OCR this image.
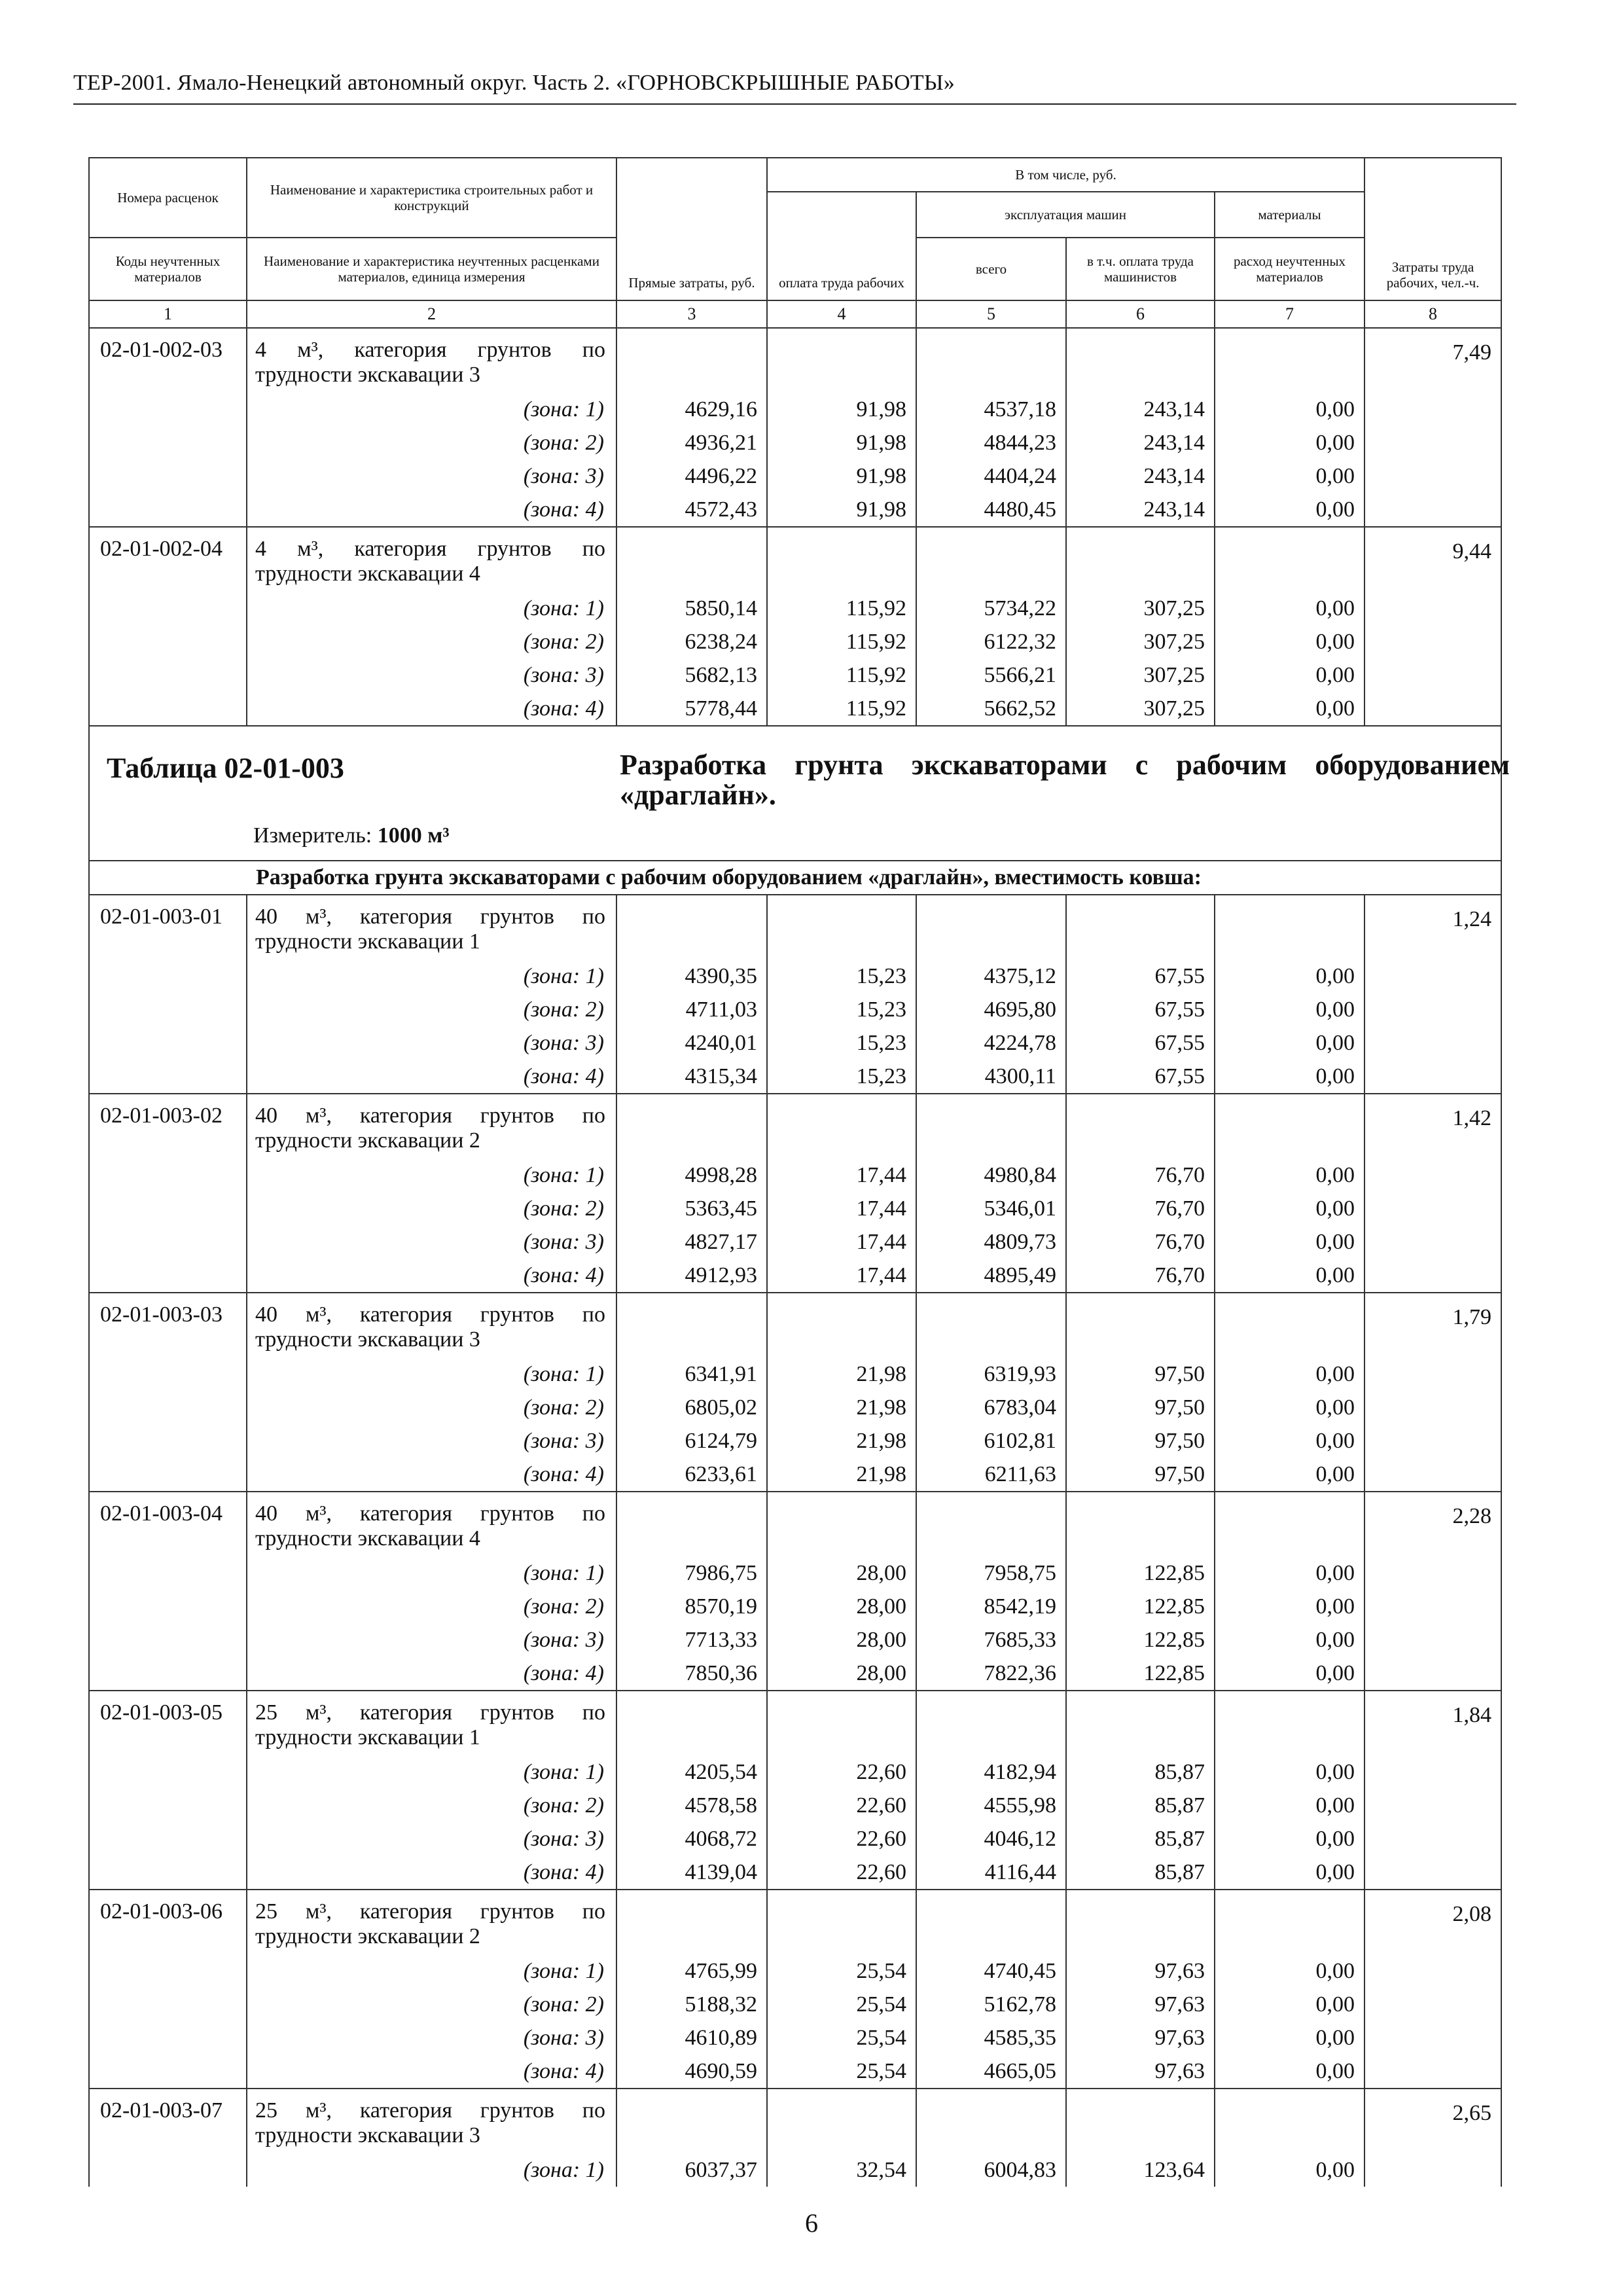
ТЕР-2001. Ямало-Ненецкий автономный округ. Часть 2. «ГОРНОВСКРЫШНЫЕ РАБОТЫ»
Номера расценок	Наименование и характеристика строительных работ и конструкций	Прямые затраты, руб.	В том числе, руб.				Затраты труда рабочих, чел.-ч.
			оплата труда рабочих	эксплуатация машин		материалы	
Коды неучтенных материалов	Наименование и характеристика неучтенных расценками материалов, единица измерения			всего	в т.ч. оплата труда машинистов	расход неучтенных материалов	
1	2	3	4	5	6	7	8
02-01-002-03	4 м³, категория грунтов по трудности экскавации 3						7,49
	(зона: 1)	4629,16	91,98	4537,18	243,14	0,00	
	(зона: 2)	4936,21	91,98	4844,23	243,14	0,00	
	(зона: 3)	4496,22	91,98	4404,24	243,14	0,00	
	(зона: 4)	4572,43	91,98	4480,45	243,14	0,00	
02-01-002-04	4 м³, категория грунтов по трудности экскавации 4						9,44
	(зона: 1)	5850,14	115,92	5734,22	307,25	0,00	
	(зона: 2)	6238,24	115,92	6122,32	307,25	0,00	
	(зона: 3)	5682,13	115,92	5566,21	307,25	0,00	
	(зона: 4)	5778,44	115,92	5662,52	307,25	0,00	

Таблица 02-01-003 Разработка грунта экскаваторами с рабочим оборудованием «драглайн».
Измеритель: 1000 м³							

Разработка грунта экскаваторами с рабочим оборудованием «драглайн», вместимость ковша:							
02-01-003-01	40 м³, категория грунтов по трудности экскавации 1						1,24
	(зона: 1)	4390,35	15,23	4375,12	67,55	0,00	
	(зона: 2)	4711,03	15,23	4695,80	67,55	0,00	
	(зона: 3)	4240,01	15,23	4224,78	67,55	0,00	
	(зона: 4)	4315,34	15,23	4300,11	67,55	0,00	
02-01-003-02	40 м³, категория грунтов по трудности экскавации 2						1,42
	(зона: 1)	4998,28	17,44	4980,84	76,70	0,00	
	(зона: 2)	5363,45	17,44	5346,01	76,70	0,00	
	(зона: 3)	4827,17	17,44	4809,73	76,70	0,00	
	(зона: 4)	4912,93	17,44	4895,49	76,70	0,00	
02-01-003-03	40 м³, категория грунтов по трудности экскавации 3						1,79
	(зона: 1)	6341,91	21,98	6319,93	97,50	0,00	
	(зона: 2)	6805,02	21,98	6783,04	97,50	0,00	
	(зона: 3)	6124,79	21,98	6102,81	97,50	0,00	
	(зона: 4)	6233,61	21,98	6211,63	97,50	0,00	
02-01-003-04	40 м³, категория грунтов по трудности экскавации 4						2,28
	(зона: 1)	7986,75	28,00	7958,75	122,85	0,00	
	(зона: 2)	8570,19	28,00	8542,19	122,85	0,00	
	(зона: 3)	7713,33	28,00	7685,33	122,85	0,00	
	(зона: 4)	7850,36	28,00	7822,36	122,85	0,00	
02-01-003-05	25 м³, категория грунтов по трудности экскавации 1						1,84
	(зона: 1)	4205,54	22,60	4182,94	85,87	0,00	
	(зона: 2)	4578,58	22,60	4555,98	85,87	0,00	
	(зона: 3)	4068,72	22,60	4046,12	85,87	0,00	
	(зона: 4)	4139,04	22,60	4116,44	85,87	0,00	
02-01-003-06	25 м³, категория грунтов по трудности экскавации 2						2,08
	(зона: 1)	4765,99	25,54	4740,45	97,63	0,00	
	(зона: 2)	5188,32	25,54	5162,78	97,63	0,00	
	(зона: 3)	4610,89	25,54	4585,35	97,63	0,00	
	(зона: 4)	4690,59	25,54	4665,05	97,63	0,00	
02-01-003-07	25 м³, категория грунтов по трудности экскавации 3						2,65
	(зона: 1)	6037,37	32,54	6004,83	123,64	0,00	
6
